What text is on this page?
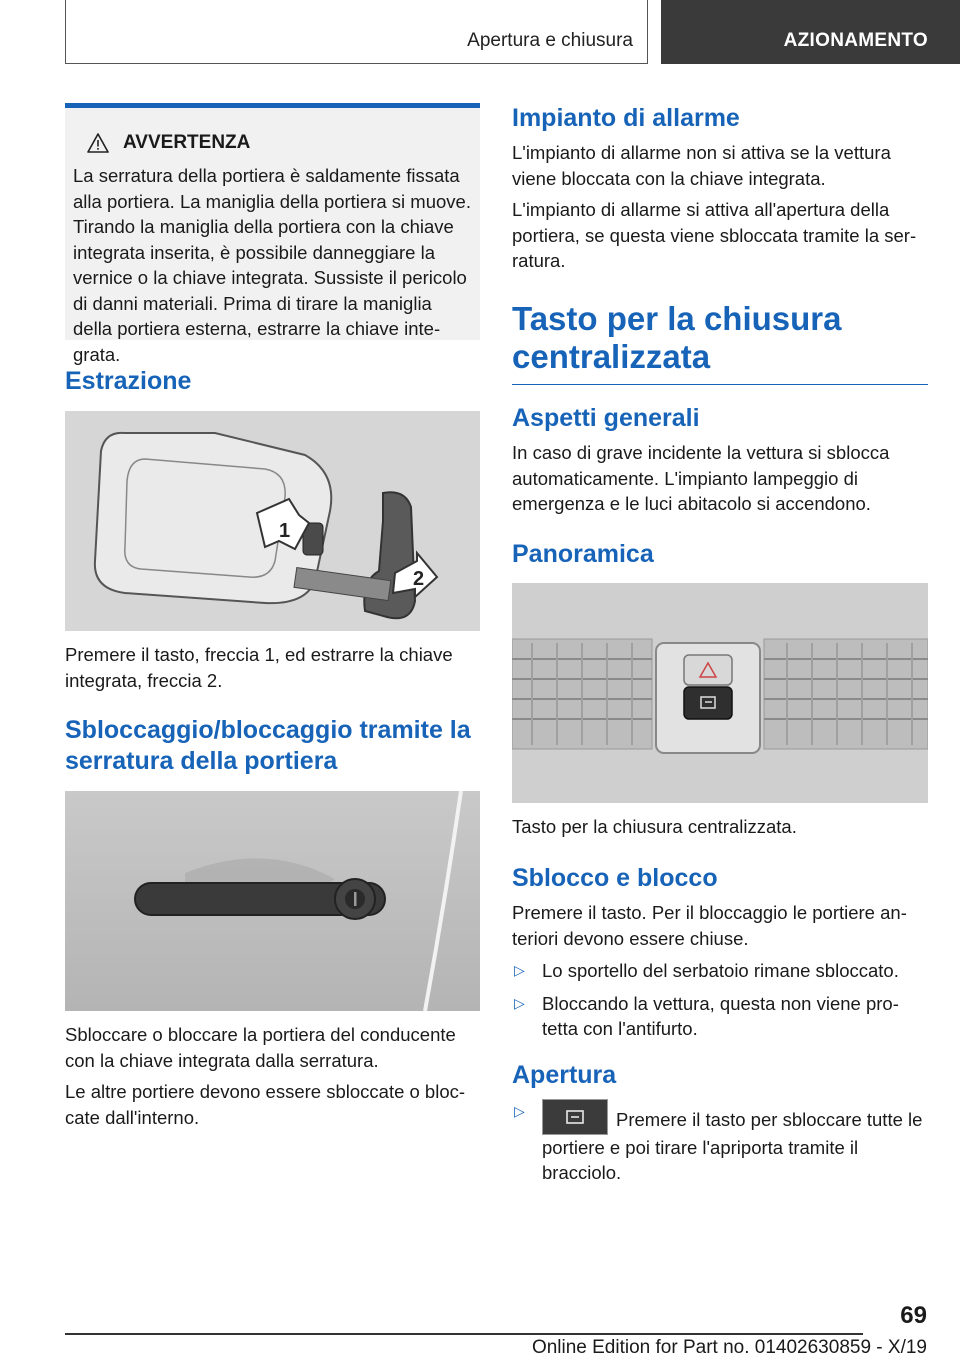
Apertura e chiusura	AZIONAMENTO
AVVERTENZA

La serratura della portiera è saldamente fissata alla portiera. La maniglia della portiera si muove. Tirando la maniglia della portiera con la chiave integrata inserita, è possibile danneggiare la vernice o la chiave integrata. Sussiste il pericolo di danni materiali. Prima di tirare la maniglia della portiera esterna, estrarre la chiave integrata.

Estrazione
1
2

Premere il tasto, freccia 1, ed estrarre la chiave integrata, freccia 2.

Sbloccaggio/bloccaggio tramite la serratura della portiera

Sbloccare o bloccare la portiera del conducente con la chiave integrata dalla serratura.

Le altre portiere devono essere sbloccate o bloccate dall'interno.

Impianto di allarme

L'impianto di allarme non si attiva se la vettura viene bloccata con la chiave integrata.

L'impianto di allarme si attiva all'apertura della portiera, se questa viene sbloccata tramite la serratura.

Tasto per la chiusura centralizzata
Aspetti generali

In caso di grave incidente la vettura si sblocca automaticamente. L'impianto lampeggio di emergenza e le luci abitacolo si accendono.

Panoramica

Tasto per la chiusura centralizzata.

Sblocco e blocco

Premere il tasto. Per il bloccaggio le portiere anteriori devono essere chiuse.

▷ Lo sportello del serbatoio rimane sbloccato.
▷ Bloccando la vettura, questa non viene protetta con l'antifurto.
Apertura
▷	Premere il tasto per sbloccare tutte le portiere e poi tirare l'apriporta tramite il bracciolo.
69
Online Edition for Part no. 01402630859 - X/19
